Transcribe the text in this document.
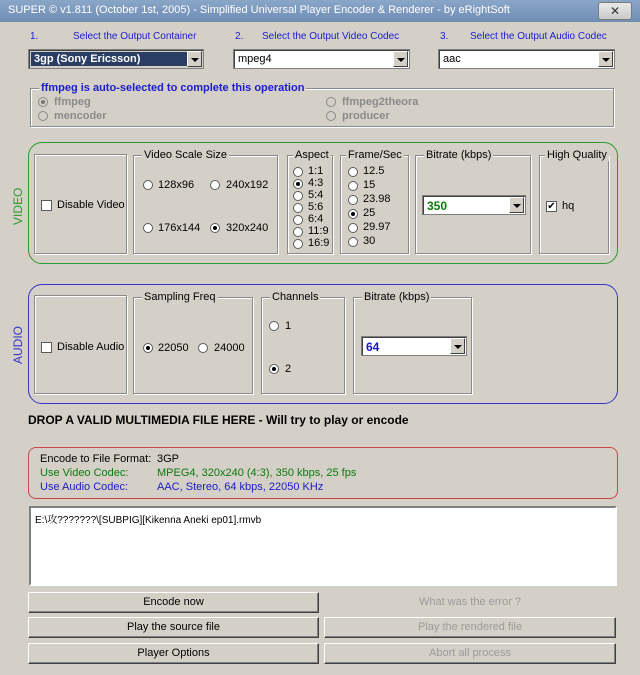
SUPER © v1.811 (October 1st, 2005) - Simplified Universal Player Encoder & Renderer - by eRightSoft	✕
1.	Select the Output Container	2. Select the Output Video Codec	3. Select the Output Audio Codec
3gp (Sony Ericsson)	mpeg4	aac
ffmpeg is auto-selected to complete this operation
ffmpeg
mencoder
ffmpeg2theora
producer
VIDEO	Disable Video
Video Scale Size
128x96	240x192
176x144 320x240
Aspect
1:1
4:3
5:4
5:6
6:4
11:9
16:9
Frame/Sec
12.5
15
23.98
25
29.97
30
Bitrate (kbps)
350
High Quality
✔ hq
AUDIO	Disable Audio
Sampling Freq
22050 24000
Channels
1
2
Bitrate (kbps)
64
DROP A VALID MULTIMEDIA FILE HERE - Will try to play or encode
Encode to File Format: 3GP
Use Video Codec:	MPEG4, 320x240 (4:3), 350 kbps, 25 fps
Use Audio Codec:	AAC, Stereo, 64 kbps, 22050 KHz
E:\攻???????\[SUBPIG][Kikenna Aneki ep01].rmvb
Encode now	What was the error ?
Play the source file	Play the rendered file
Player Options	Abort all process
